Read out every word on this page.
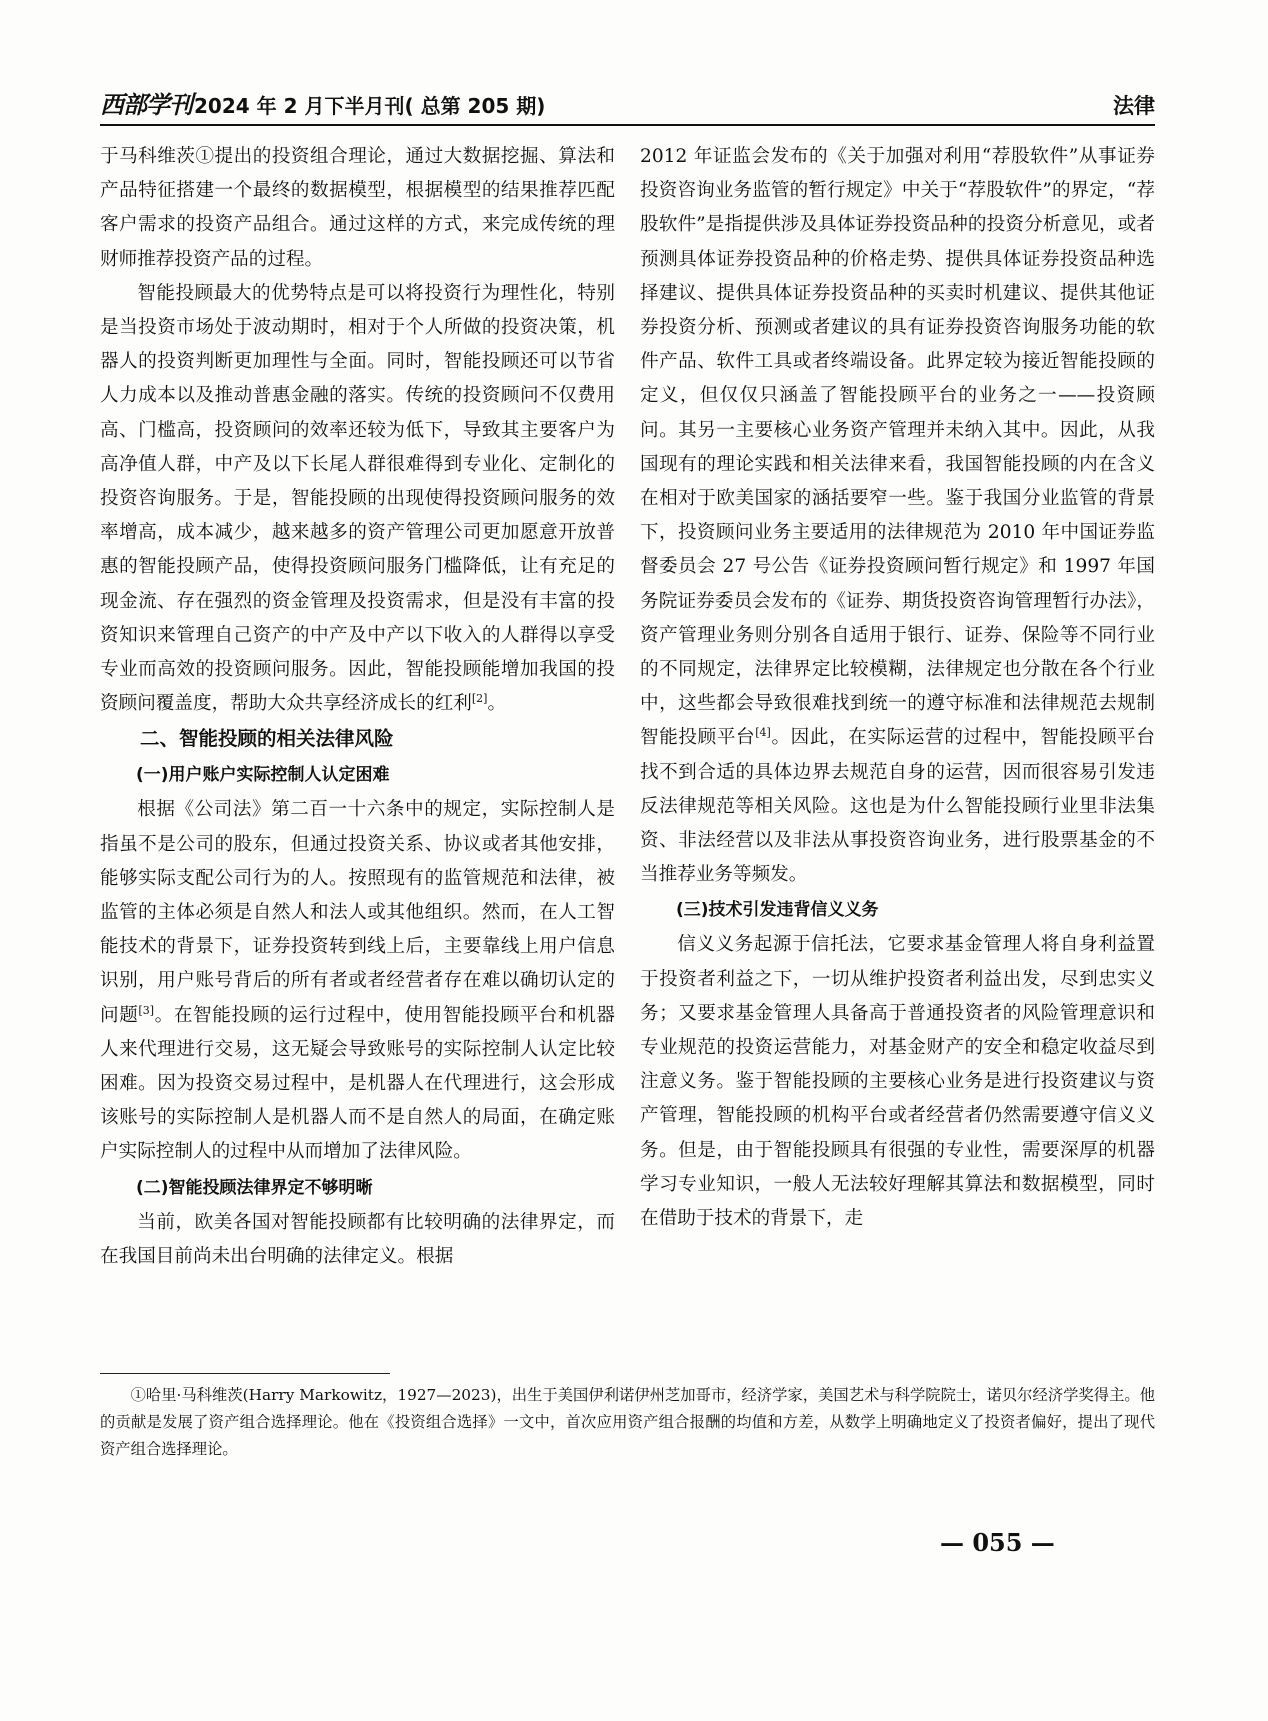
西部学刊 2024 年 2 月下半月刊( 总第 205 期)	法律

于马科维茨①提出的投资组合理论，通过大数据挖掘、算法和产品特征搭建一个最终的数据模型，根据模型的结果推荐匹配客户需求的投资产品组合。通过这样的方式，来完成传统的理财师推荐投资产品的过程。

智能投顾最大的优势特点是可以将投资行为理性化，特别是当投资市场处于波动期时，相对于个人所做的投资决策，机器人的投资判断更加理性与全面。同时，智能投顾还可以节省人力成本以及推动普惠金融的落实。传统的投资顾问不仅费用高、门槛高，投资顾问的效率还较为低下，导致其主要客户为高净值人群，中产及以下长尾人群很难得到专业化、定制化的投资咨询服务。于是，智能投顾的出现使得投资顾问服务的效率增高，成本减少，越来越多的资产管理公司更加愿意开放普惠的智能投顾产品，使得投资顾问服务门槛降低，让有充足的现金流、存在强烈的资金管理及投资需求，但是没有丰富的投资知识来管理自己资产的中产及中产以下收入的人群得以享受专业而高效的投资顾问服务。因此，智能投顾能增加我国的投资顾问覆盖度，帮助大众共享经济成长的红利[2]。

二、智能投顾的相关法律风险
(一)用户账户实际控制人认定困难

根据《公司法》第二百一十六条中的规定，实际控制人是指虽不是公司的股东，但通过投资关系、协议或者其他安排，能够实际支配公司行为的人。按照现有的监管规范和法律，被监管的主体必须是自然人和法人或其他组织。然而，在人工智能技术的背景下，证券投资转到线上后，主要靠线上用户信息识别，用户账号背后的所有者或者经营者存在难以确切认定的问题[3]。在智能投顾的运行过程中，使用智能投顾平台和机器人来代理进行交易，这无疑会导致账号的实际控制人认定比较困难。因为投资交易过程中，是机器人在代理进行，这会形成该账号的实际控制人是机器人而不是自然人的局面，在确定账户实际控制人的过程中从而增加了法律风险。

(二)智能投顾法律界定不够明晰

当前，欧美各国对智能投顾都有比较明确的法律界定，而在我国目前尚未出台明确的法律定义。根据

2012 年证监会发布的《关于加强对利用“荐股软件”从事证券投资咨询业务监管的暂行规定》中关于“荐股软件”的界定，“荐股软件”是指提供涉及具体证券投资品种的投资分析意见，或者预测具体证券投资品种的价格走势、提供具体证券投资品种选择建议、提供具体证券投资品种的买卖时机建议、提供其他证券投资分析、预测或者建议的具有证券投资咨询服务功能的软件产品、软件工具或者终端设备。此界定较为接近智能投顾的定义，但仅仅只涵盖了智能投顾平台的业务之一——投资顾问。其另一主要核心业务资产管理并未纳入其中。因此，从我国现有的理论实践和相关法律来看，我国智能投顾的内在含义在相对于欧美国家的涵括要窄一些。鉴于我国分业监管的背景下，投资顾问业务主要适用的法律规范为 2010 年中国证券监督委员会 27 号公告《证券投资顾问暂行规定》和 1997 年国务院证券委员会发布的《证券、期货投资咨询管理暂行办法》，资产管理业务则分别各自适用于银行、证券、保险等不同行业的不同规定，法律界定比较模糊，法律规定也分散在各个行业中，这些都会导致很难找到统一的遵守标准和法律规范去规制智能投顾平台[4]。因此，在实际运营的过程中，智能投顾平台找不到合适的具体边界去规范自身的运营，因而很容易引发违反法律规范等相关风险。这也是为什么智能投顾行业里非法集资、非法经营以及非法从事投资咨询业务，进行股票基金的不当推荐业务等频发。

(三)技术引发违背信义义务

信义义务起源于信托法，它要求基金管理人将自身利益置于投资者利益之下，一切从维护投资者利益出发，尽到忠实义务；又要求基金管理人具备高于普通投资者的风险管理意识和专业规范的投资运营能力，对基金财产的安全和稳定收益尽到注意义务。鉴于智能投顾的主要核心业务是进行投资建议与资产管理，智能投顾的机构平台或者经营者仍然需要遵守信义义务。但是，由于智能投顾具有很强的专业性，需要深厚的机器学习专业知识，一般人无法较好理解其算法和数据模型，同时在借助于技术的背景下，走

①哈里·马科维茨(Harry Markowitz，1927—2023)，出生于美国伊利诺伊州芝加哥市，经济学家，美国艺术与科学院院士，诺贝尔经济学奖得主。他的贡献是发展了资产组合选择理论。他在《投资组合选择》一文中，首次应用资产组合报酬的均值和方差，从数学上明确地定义了投资者偏好，提出了现代资产组合选择理论。
— 055 —
